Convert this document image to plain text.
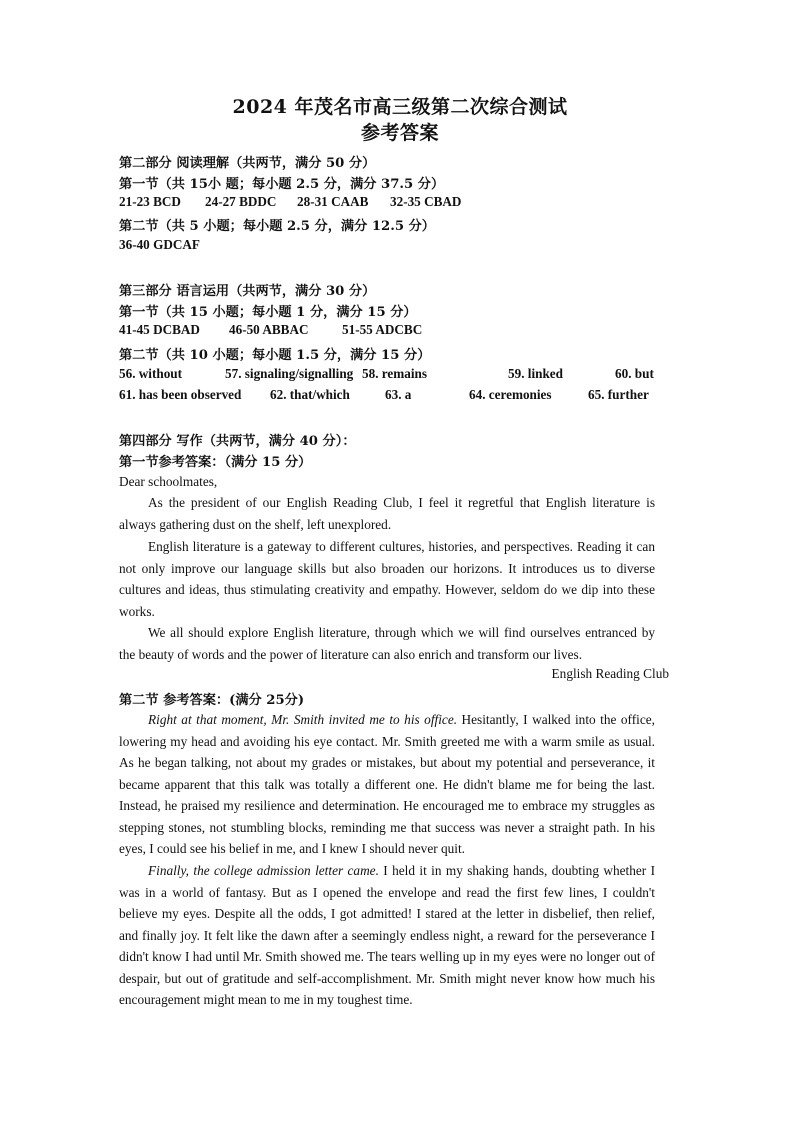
2024 年茂名市高三级第二次综合测试
参考答案
第二部分 阅读理解（共两节，满分 50 分）
第一节（共 15小 题；每小题 2.5 分，满分 37.5 分）
21-23 BCD 24-27 BDDC 28-31 CAAB 32-35 CBAD
第二节（共 5 小题；每小题 2.5 分，满分 12.5 分）
36-40 GDCAF
第三部分 语言运用（共两节，满分 30 分）
第一节（共 15 小题；每小题 1 分，满分 15 分）
41-45 DCBAD 46-50 ABBAC	51-55 ADCBC
第二节（共 10 小题；每小题 1.5 分，满分 15 分）
56. without	57. signaling/signalling 58. remains	59. linked	60. but
61. has been observed 62. that/which	63. a	64. ceremonies	65. further
第四部分 写作（共两节，满分 40 分）：
第一节参考答案：（满分 15 分）
Dear schoolmates,
As the president of our English Reading Club, I feel it regretful that English literature is always gathering dust on the shelf, left unexplored.
English literature is a gateway to different cultures, histories, and perspectives. Reading it can not only improve our language skills but also broaden our horizons. It introduces us to diverse cultures and ideas, thus stimulating creativity and empathy. However, seldom do we dip into these works.
We all should explore English literature, through which we will find ourselves entranced by the beauty of words and the power of literature can also enrich and transform our lives.
English Reading Club
第二节 参考答案：(满分 25分)
Right at that moment, Mr. Smith invited me to his office. Hesitantly, I walked into the office, lowering my head and avoiding his eye contact. Mr. Smith greeted me with a warm smile as usual. As he began talking, not about my grades or mistakes, but about my potential and perseverance, it became apparent that this talk was totally a different one. He didn't blame me for being the last. Instead, he praised my resilience and determination. He encouraged me to embrace my struggles as stepping stones, not stumbling blocks, reminding me that success was never a straight path. In his eyes, I could see his belief in me, and I knew I should never quit.
Finally, the college admission letter came. I held it in my shaking hands, doubting whether I was in a world of fantasy. But as I opened the envelope and read the first few lines, I couldn't believe my eyes. Despite all the odds, I got admitted! I stared at the letter in disbelief, then relief, and finally joy. It felt like the dawn after a seemingly endless night, a reward for the perseverance I didn't know I had until Mr. Smith showed me. The tears welling up in my eyes were no longer out of despair, but out of gratitude and self-accomplishment. Mr. Smith might never know how much his encouragement might mean to me in my toughest time.
